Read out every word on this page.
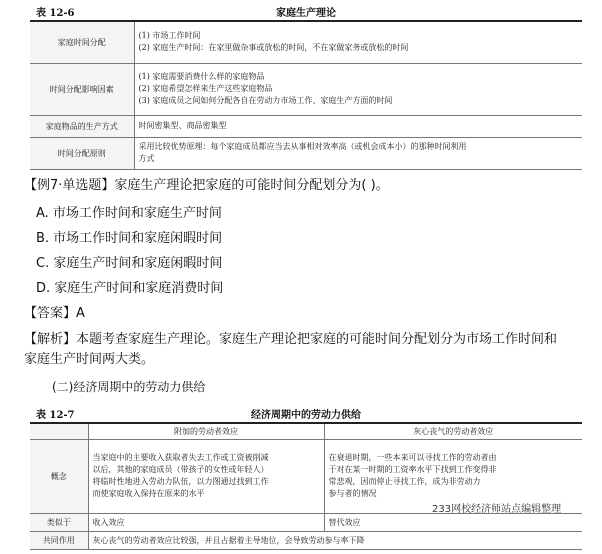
表 12-6	家庭生产理论
家庭时间分配	(1) 市场工作时间
(2) 家庭生产时间：在家里做杂事或放松的时间，不在家做家务或放松的时间

时间分配影响因素	(1) 家庭需要消费什么样的家庭物品
(2) 家庭希望怎样来生产这些家庭物品
(3) 家庭成员之间如何分配各自在劳动力市场工作、家庭生产方面的时间

家庭物品的生产方式	时间密集型、商品密集型

时间分配原则	采用比较优势原理：每个家庭成员都应当去从事相对效率高（或机会成本小）的那种时间利用
方式
【例7·单选题】家庭生产理论把家庭的可能时间分配划分为( )。
A. 市场工作时间和家庭生产时间
B. 市场工作时间和家庭闲暇时间
C. 家庭生产时间和家庭闲暇时间
D. 家庭生产时间和家庭消费时间
【答案】A
【解析】本题考查家庭生产理论。家庭生产理论把家庭的可能时间分配划分为市场工作时间和
家庭生产时间两大类。
(二)经济周期中的劳动力供给
表 12-7	经济周期中的劳动力供给
	附加的劳动者效应	灰心丧气的劳动者效应
概念	当家庭中的主要收入获取者失去工作或工资被削减
以后，其他的家庭成员（带孩子的女性或年轻人）
将临时性地进入劳动力队伍，以力图通过找到工作
而使家庭收入保持在原来的水平	在衰退时期，一些本来可以寻找工作的劳动者由
于对在某一时期的工资率水平下找到工作变得非
常悲观，因而停止寻找工作，成为非劳动力
参与者的情况

类似于	收入效应	替代效应
共同作用	灰心丧气的劳动者效应比较强，并且占据着主导地位，会导致劳动参与率下降	
233网校经济师站点编辑整理
